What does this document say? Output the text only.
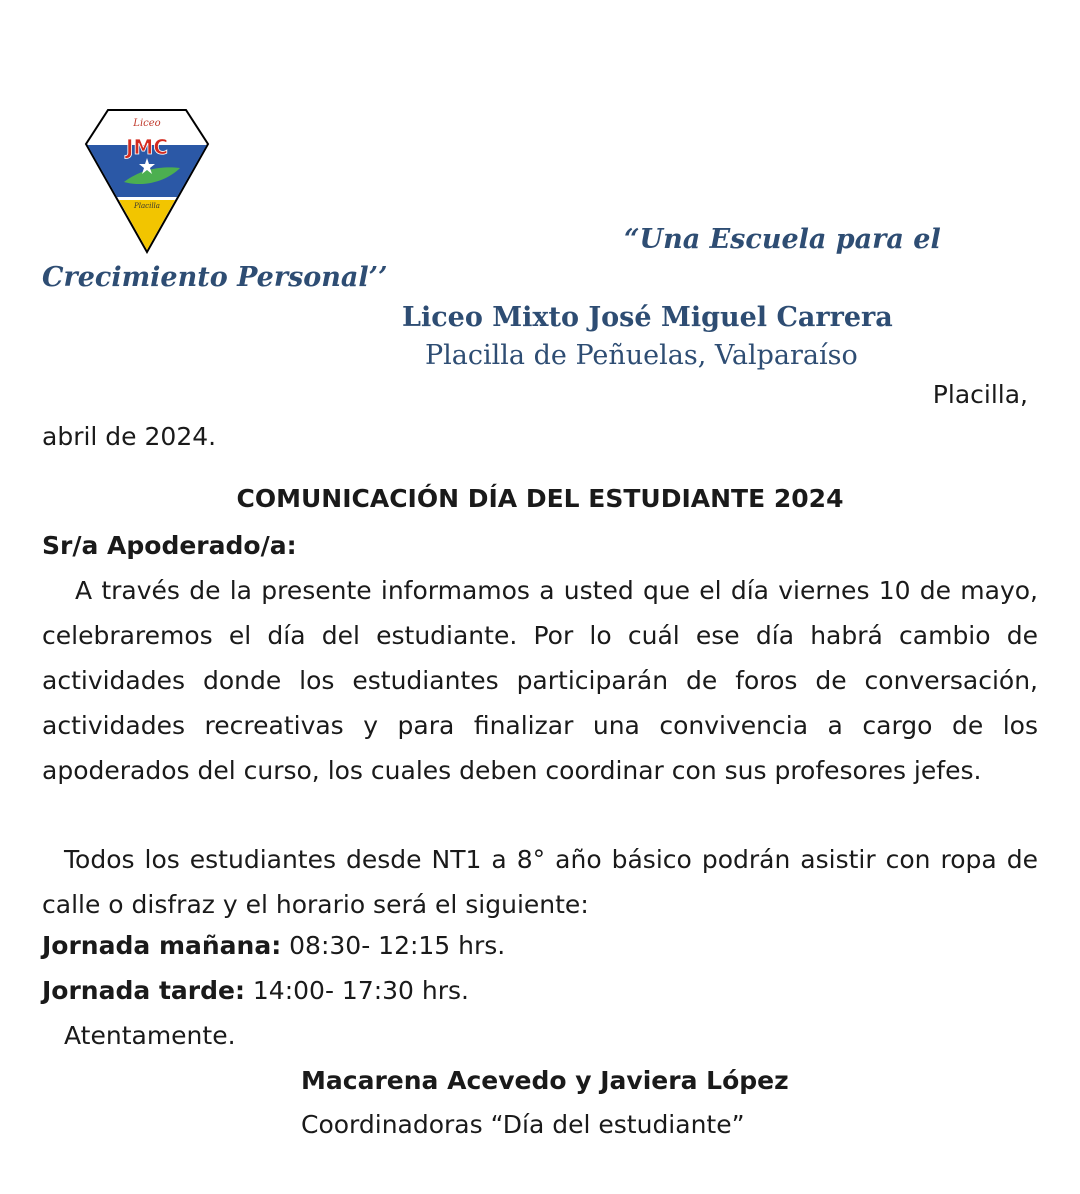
Liceo
JMC
Placilla
“Una Escuela para el
Crecimiento Personal’’
Liceo Mixto José Miguel Carrera
Placilla de Peñuelas, Valparaíso
Placilla,
abril de 2024.
COMUNICACIÓN DÍA DEL ESTUDIANTE 2024
Sr/a Apoderado/a:
A través de la presente informamos a usted que el día viernes 10 de mayo, celebraremos el día del estudiante. Por lo cuál ese día habrá cambio de actividades donde los estudiantes participarán de foros de conversación, actividades recreativas y para finalizar una convivencia a cargo de los apoderados del curso, los cuales deben coordinar con sus profesores jefes.
Todos los estudiantes desde NT1 a 8° año básico podrán asistir con ropa de calle o disfraz y el horario será el siguiente:
Jornada mañana: 08:30- 12:15 hrs.
Jornada tarde: 14:00- 17:30 hrs.
Atentamente.
Macarena Acevedo y Javiera López
Coordinadoras “Día del estudiante”
